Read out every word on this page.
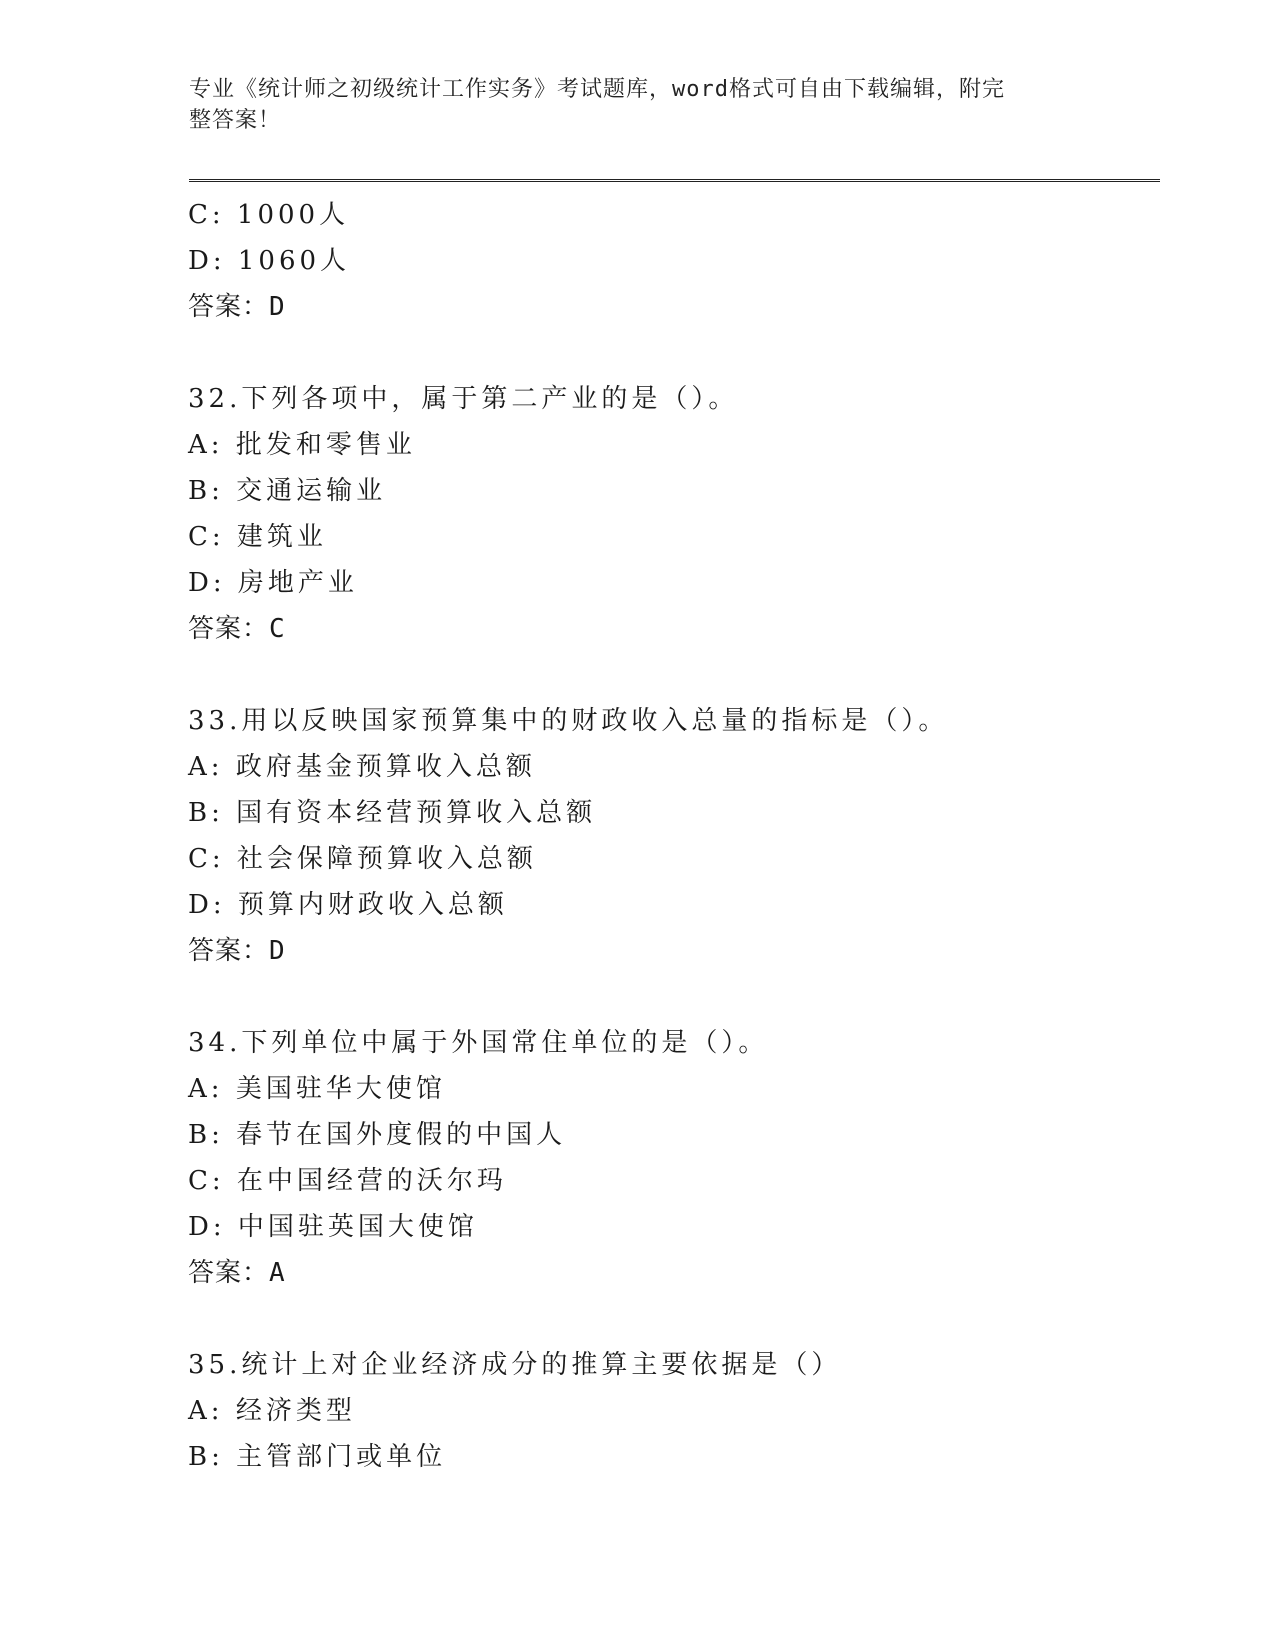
专业《统计师之初级统计工作实务》考试题库，word格式可自由下载编辑，附完
整答案！
C: 1000人
D: 1060人
答案：D
32.下列各项中，属于第二产业的是（）。
A: 批发和零售业
B: 交通运输业
C: 建筑业
D: 房地产业
答案：C
33.用以反映国家预算集中的财政收入总量的指标是（）。
A: 政府基金预算收入总额
B: 国有资本经营预算收入总额
C: 社会保障预算收入总额
D: 预算内财政收入总额
答案：D
34.下列单位中属于外国常住单位的是（）。
A: 美国驻华大使馆
B: 春节在国外度假的中国人
C: 在中国经营的沃尔玛
D: 中国驻英国大使馆
答案：A
35.统计上对企业经济成分的推算主要依据是（）
A: 经济类型
B: 主管部门或单位
